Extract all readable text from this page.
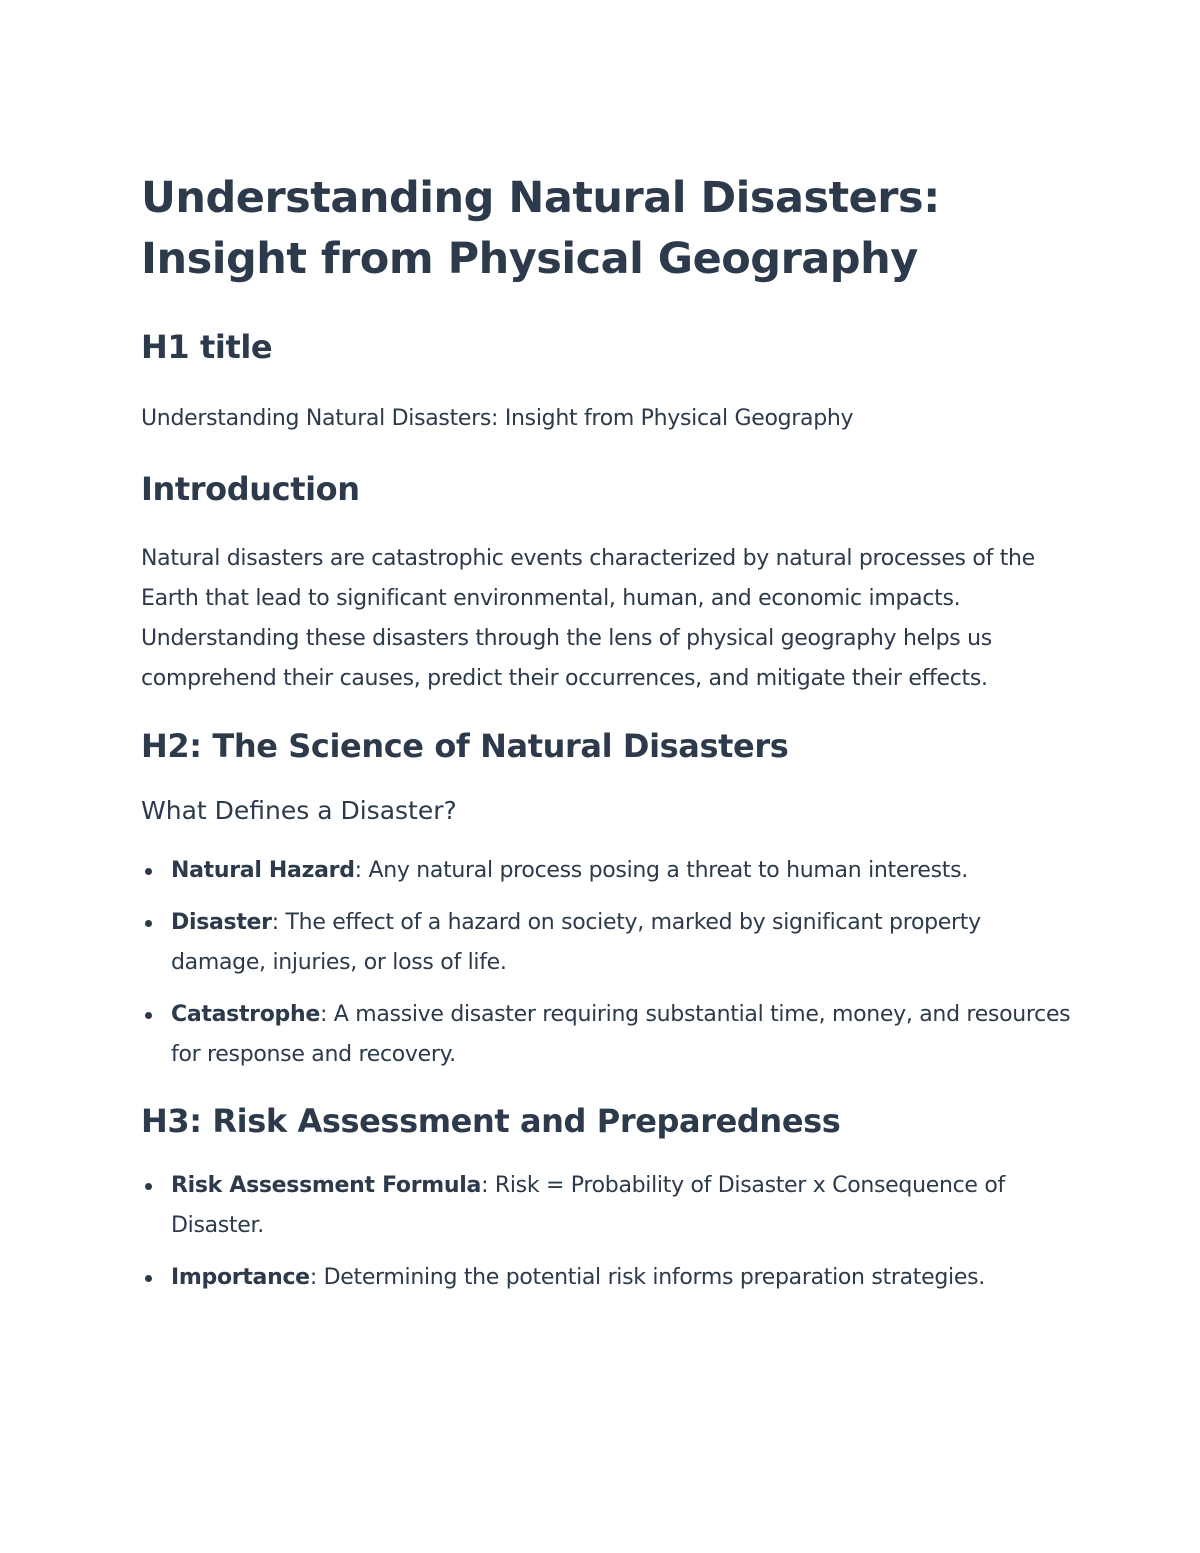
Understanding Natural Disasters:
Insight from Physical Geography
H1 title

Understanding Natural Disasters: Insight from Physical Geography

Introduction

Natural disasters are catastrophic events characterized by natural processes of the Earth that lead to significant environmental, human, and economic impacts. Understanding these disasters through the lens of physical geography helps us comprehend their causes, predict their occurrences, and mitigate their effects.

H2: The Science of Natural Disasters
What Defines a Disaster?
Natural Hazard: Any natural process posing a threat to human interests.
Disaster: The effect of a hazard on society, marked by significant property damage, injuries, or loss of life.
Catastrophe: A massive disaster requiring substantial time, money, and resources for response and recovery.
H3: Risk Assessment and Preparedness
Risk Assessment Formula: Risk = Probability of Disaster x Consequence of Disaster.
Importance: Determining the potential risk informs preparation strategies.
